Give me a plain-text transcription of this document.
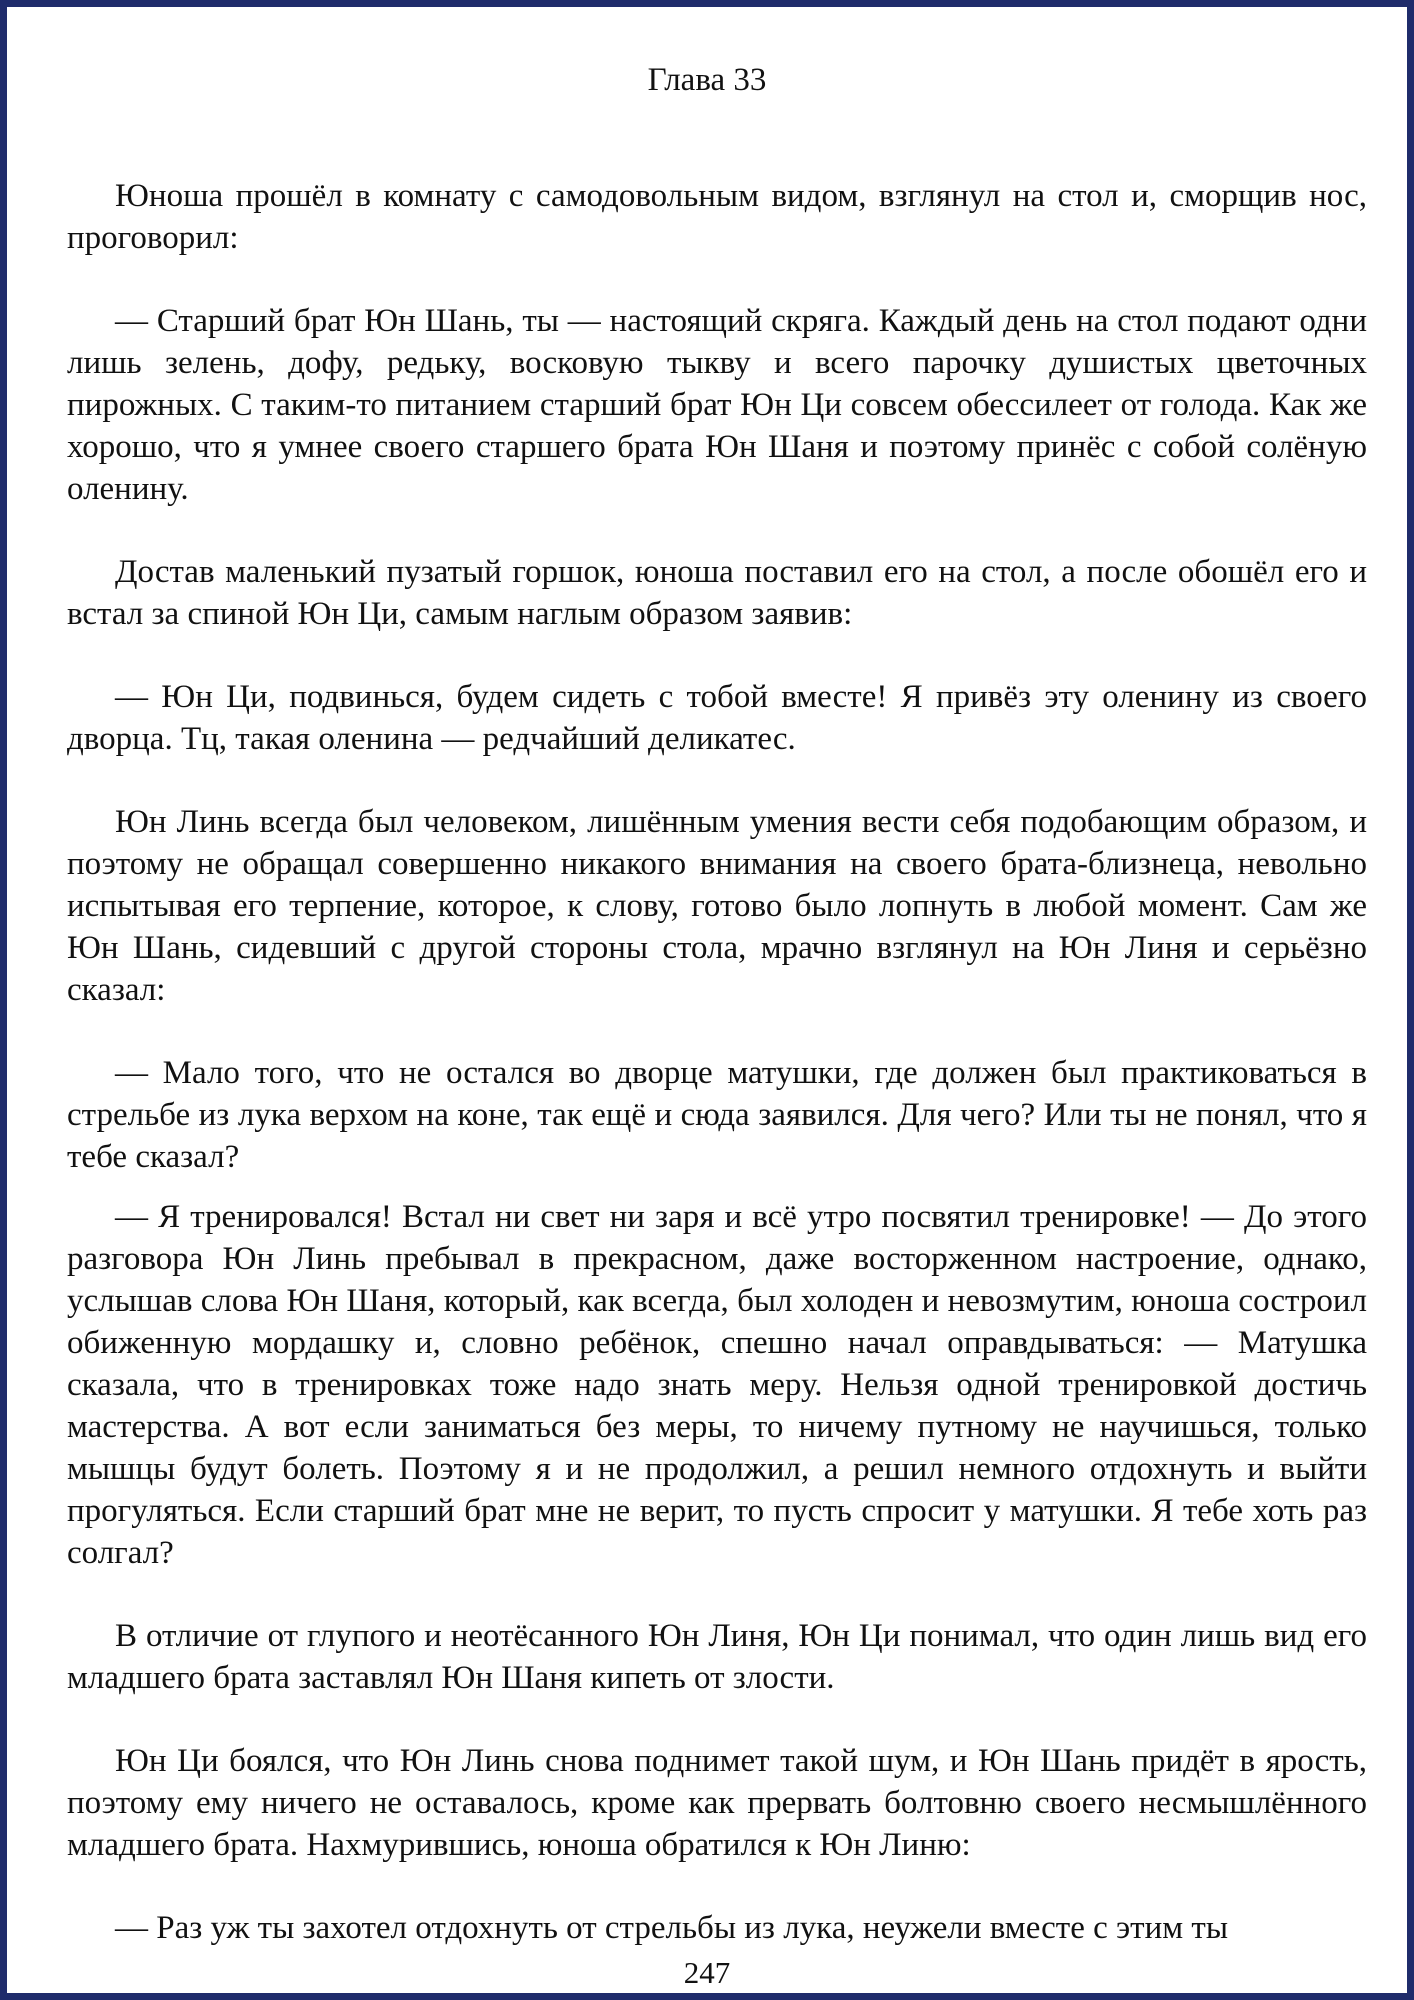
Глава 33

Юноша прошёл в комнату с самодовольным видом, взглянул на стол и, сморщив нос, проговорил:

— Старший брат Юн Шань, ты — настоящий скряга. Каждый день на стол подают одни лишь зелень, дофу, редьку, восковую тыкву и всего парочку душистых цветочных пирожных. С таким-то питанием старший брат Юн Ци совсем обессилеет от голода. Как же хорошо, что я умнее своего старшего брата Юн Шаня и поэтому принёс с собой солёную оленину.

Достав маленький пузатый горшок, юноша поставил его на стол, а после обошёл его и встал за спиной Юн Ци, самым наглым образом заявив:

— Юн Ци, подвинься, будем сидеть с тобой вместе! Я привёз эту оленину из своего дворца. Тц, такая оленина — редчайший деликатес.

Юн Линь всегда был человеком, лишённым умения вести себя подобающим образом, и поэтому не обращал совершенно никакого внимания на своего брата-близнеца, невольно испытывая его терпение, которое, к слову, готово было лопнуть в любой момент. Сам же Юн Шань, сидевший с другой стороны стола, мрачно взглянул на Юн Линя и серьёзно сказал:

— Мало того, что не остался во дворце матушки, где должен был практиковаться в стрельбе из лука верхом на коне, так ещё и сюда заявился. Для чего? Или ты не понял, что я тебе сказал?

— Я тренировался! Встал ни свет ни заря и всё утро посвятил тренировке! — До этого разговора Юн Линь пребывал в прекрасном, даже восторженном настроение, однако, услышав слова Юн Шаня, который, как всегда, был холоден и невозмутим, юноша состроил обиженную мордашку и, словно ребёнок, спешно начал оправдываться: — Матушка сказала, что в тренировках тоже надо знать меру. Нельзя одной тренировкой достичь мастерства. А вот если заниматься без меры, то ничему путному не научишься, только мышцы будут болеть. Поэтому я и не продолжил, а решил немного отдохнуть и выйти прогуляться. Если старший брат мне не верит, то пусть спросит у матушки. Я тебе хоть раз солгал?

В отличие от глупого и неотёсанного Юн Линя, Юн Ци понимал, что один лишь вид его младшего брата заставлял Юн Шаня кипеть от злости.

Юн Ци боялся, что Юн Линь снова поднимет такой шум, и Юн Шань придёт в ярость, поэтому ему ничего не оставалось, кроме как прервать болтовню своего несмышлённого младшего брата. Нахмурившись, юноша обратился к Юн Линю:

— Раз уж ты захотел отдохнуть от стрельбы из лука, неужели вместе с этим ты

247
